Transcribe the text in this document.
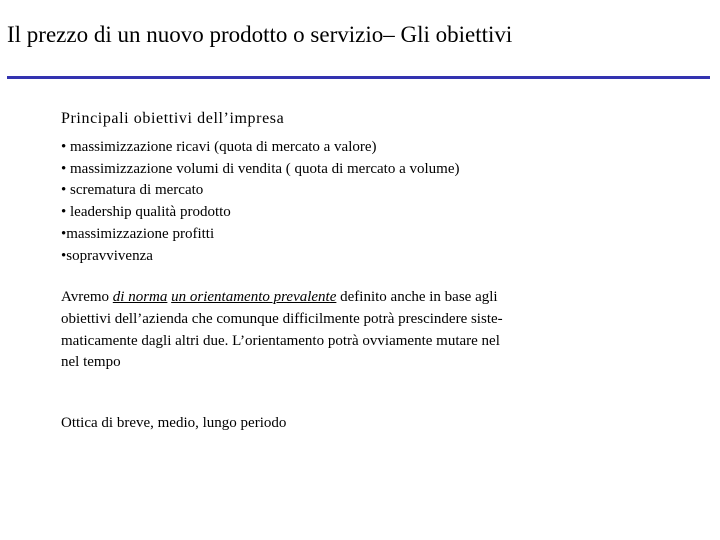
Il prezzo di un nuovo prodotto o servizio– Gli obiettivi
Principali obiettivi dell’impresa
• massimizzazione ricavi (quota di mercato a valore)
• massimizzazione volumi di vendita ( quota di mercato a volume)
• scrematura di mercato
• leadership qualità prodotto
•massimizzazione profitti
•sopravvivenza
Avremo di norma un orientamento prevalente definito anche in base agli
obiettivi dell’azienda che comunque difficilmente potrà prescindere siste-
maticamente dagli altri due. L’orientamento potrà ovviamente mutare nel
nel tempo
Ottica di breve, medio, lungo periodo
